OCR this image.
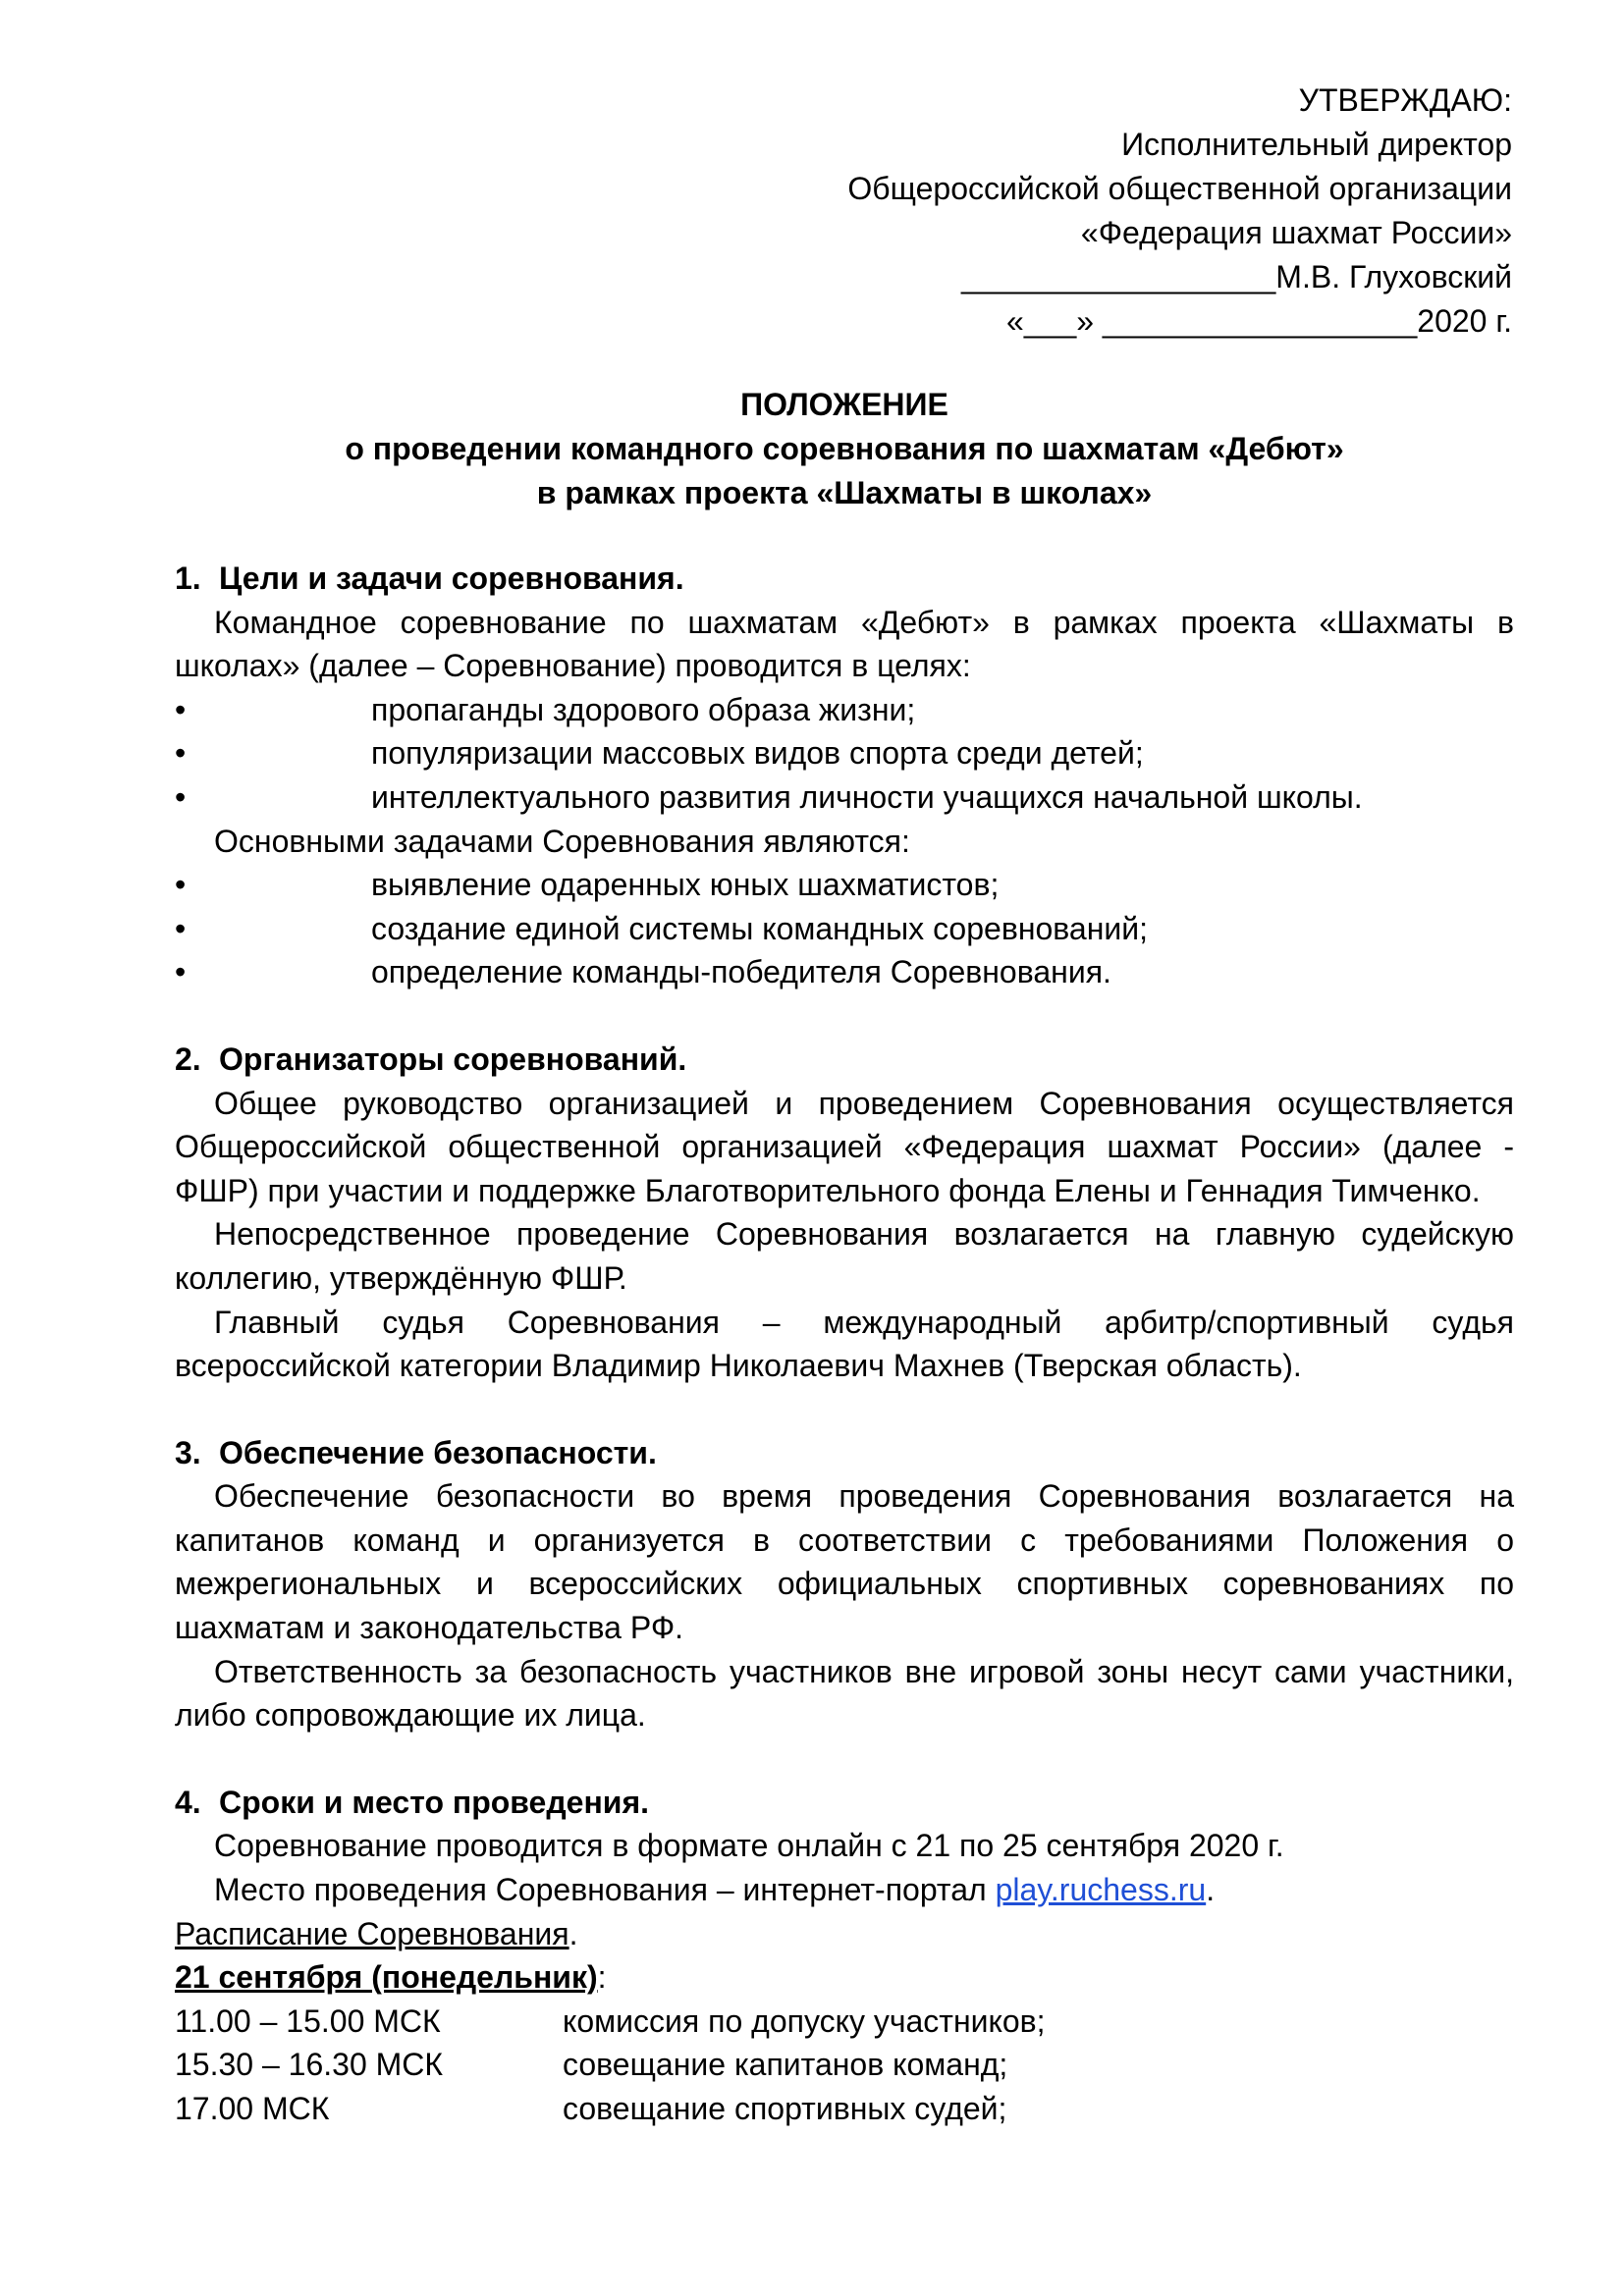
УТВЕРЖДАЮ:
Исполнительный директор
Общероссийской общественной организации
«Федерация шахмат России»
__________________М.В. Глуховский
«___» __________________2020 г.
ПОЛОЖЕНИЕ
о проведении командного соревнования по шахматам «Дебют»
в рамках проекта «Шахматы в школах»

1. Цели и задачи соревнования.

Командное соревнование по шахматам «Дебют» в рамках проекта «Шахматы в школах» (далее – Соревнование) проводится в целях:

•	пропаганды здорового образа жизни;
•	популяризации массовых видов спорта среди детей;
•	интеллектуального развития личности учащихся начальной школы.

Основными задачами Соревнования являются:

•	выявление одаренных юных шахматистов;
•	создание единой системы командных соревнований;
•	определение команды-победителя Соревнования.

2. Организаторы соревнований.

Общее руководство организацией и проведением Соревнования осуществляется Общероссийской общественной организацией «Федерация шахмат России» (далее - ФШР) при участии и поддержке Благотворительного фонда Елены и Геннадия Тимченко.

Непосредственное проведение Соревнования возлагается на главную судейскую коллегию, утверждённую ФШР.

Главный судья Соревнования – международный арбитр/спортивный судья всероссийской категории Владимир Николаевич Махнев (Тверская область).

3. Обеспечение безопасности.

Обеспечение безопасности во время проведения Соревнования возлагается на капитанов команд и организуется в соответствии с требованиями Положения о межрегиональных и всероссийских официальных спортивных соревнованиях по шахматам и законодательства РФ.

Ответственность за безопасность участников вне игровой зоны несут сами участники, либо сопровождающие их лица.

4. Сроки и место проведения.

Соревнование проводится в формате онлайн с 21 по 25 сентября 2020 г.

Место проведения Соревнования – интернет-портал play.ruchess.ru.

Расписание Соревнования.

21 сентября (понедельник):

11.00 – 15.00 МСК	комиссия по допуску участников;
15.30 – 16.30 МСК	совещание капитанов команд;
17.00 МСК	совещание спортивных судей;
